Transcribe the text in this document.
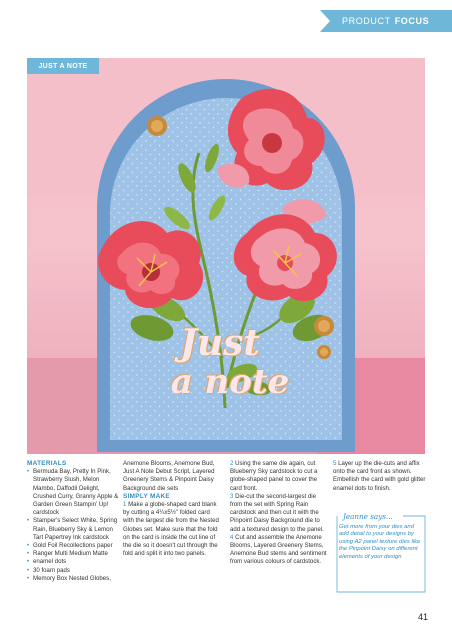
PRODUCT FOCUS
Just
a note
JUST A NOTE
MATERIALS
• Bermuda Bay, Pretty In Pink, Strawberry Slush, Melon Mambo, Daffodil Delight, Crushed Curry, Granny Apple & Garden Green Stampin' Up! cardstock
• Stamper's Select White, Spring Rain, Blueberry Sky & Lemon Tart Papertrey Ink cardstock
• Gold Foil Recollections paper
• Ranger Multi Medium Matte
• enamel dots
• 30 foam pads
• Memory Box Nested Globes,
Anemone Blooms, Anemone Bud, Just A Note Debut Script, Layered Greenery Stems & Pinpoint Daisy Background die sets
SIMPLY MAKE
1 Make a globe-shaped card blank by cutting a 4¼x5½" folded card with the largest die from the Nested Globes set. Make sure that the fold on the card is inside the cut line of the die so it doesn't cut through the fold and split it into two panels.
2 Using the same die again, cut Blueberry Sky cardstock to cut a globe-shaped panel to cover the card front.
3 Die-cut the second-largest die from the set with Spring Rain cardstock and then cut it with the Pinpoint Daisy Background die to add a textured design to the panel.
4 Cut and assemble the Anemone Blooms, Layered Greenery Stems, Anemone Bud stems and sentiment from various colours of cardstock.
5 Layer up the die-cuts and affix onto the card front as shown. Embellish the card with gold glitter enamel dots to finish.
Jeanne says...
Get more from your dies and add detail to your designs by using A2 panel texture dies like the Pinpoint Daisy on different elements of your design
41
